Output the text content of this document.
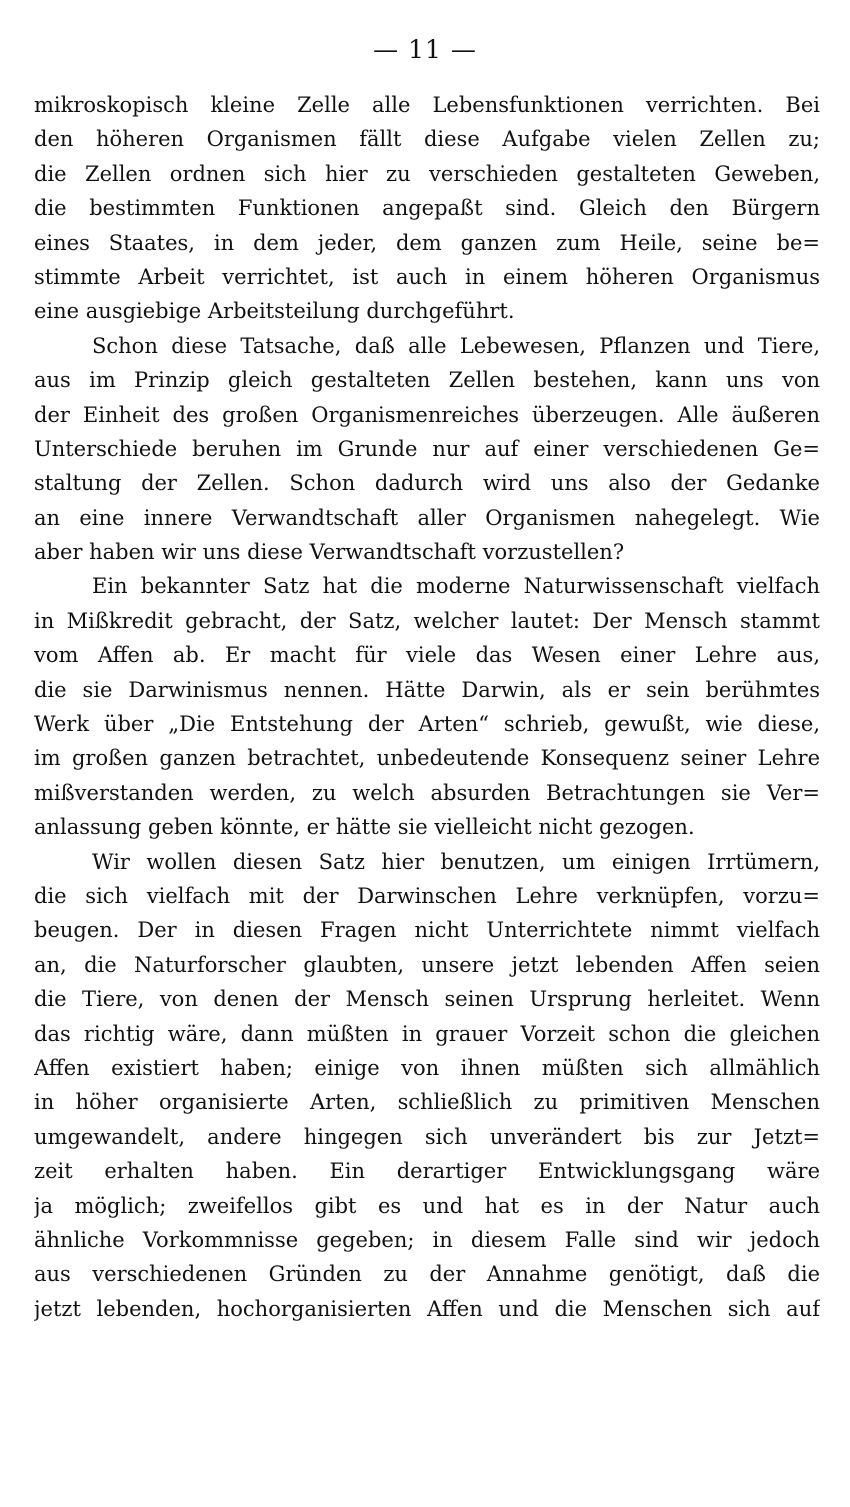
— 11 —
mikroskopisch kleine Zelle alle Lebensfunktionen verrichten. Bei
den höheren Organismen fällt diese Aufgabe vielen Zellen zu;
die Zellen ordnen sich hier zu verschieden gestalteten Geweben,
die bestimmten Funktionen angepaßt sind. Gleich den Bürgern
eines Staates, in dem jeder, dem ganzen zum Heile, seine be=
stimmte Arbeit verrichtet, ist auch in einem höheren Organismus
eine ausgiebige Arbeitsteilung durchgeführt.
Schon diese Tatsache, daß alle Lebewesen, Pflanzen und Tiere,
aus im Prinzip gleich gestalteten Zellen bestehen, kann uns von
der Einheit des großen Organismenreiches überzeugen. Alle äußeren
Unterschiede beruhen im Grunde nur auf einer verschiedenen Ge=
staltung der Zellen. Schon dadurch wird uns also der Gedanke
an eine innere Verwandtschaft aller Organismen nahegelegt. Wie
aber haben wir uns diese Verwandtschaft vorzustellen?
Ein bekannter Satz hat die moderne Naturwissenschaft vielfach
in Mißkredit gebracht, der Satz, welcher lautet: Der Mensch stammt
vom Affen ab. Er macht für viele das Wesen einer Lehre aus,
die sie Darwinismus nennen. Hätte Darwin, als er sein berühmtes
Werk über „Die Entstehung der Arten“ schrieb, gewußt, wie diese,
im großen ganzen betrachtet, unbedeutende Konsequenz seiner Lehre
mißverstanden werden, zu welch absurden Betrachtungen sie Ver=
anlassung geben könnte, er hätte sie vielleicht nicht gezogen.
Wir wollen diesen Satz hier benutzen, um einigen Irrtümern,
die sich vielfach mit der Darwinschen Lehre verknüpfen, vorzu=
beugen. Der in diesen Fragen nicht Unterrichtete nimmt vielfach
an, die Naturforscher glaubten, unsere jetzt lebenden Affen seien
die Tiere, von denen der Mensch seinen Ursprung herleitet. Wenn
das richtig wäre, dann müßten in grauer Vorzeit schon die gleichen
Affen existiert haben; einige von ihnen müßten sich allmählich
in höher organisierte Arten, schließlich zu primitiven Menschen
umgewandelt, andere hingegen sich unverändert bis zur Jetzt=
zeit erhalten haben. Ein derartiger Entwicklungsgang wäre
ja möglich; zweifellos gibt es und hat es in der Natur auch
ähnliche Vorkommnisse gegeben; in diesem Falle sind wir jedoch
aus verschiedenen Gründen zu der Annahme genötigt, daß die
jetzt lebenden, hochorganisierten Affen und die Menschen sich auf
